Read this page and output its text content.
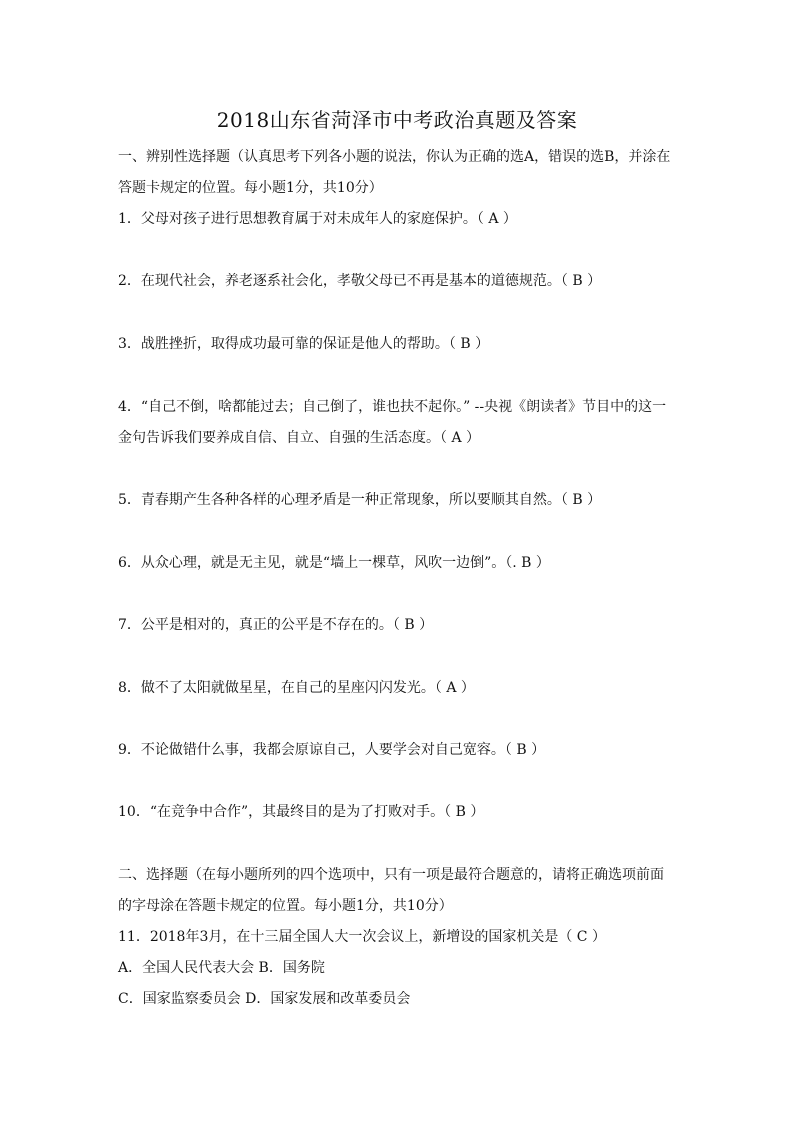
2018山东省菏泽市中考政治真题及答案
一、辨别性选择题（认真思考下列各小题的说法，你认为正确的选A，错误的选B，并涂在
答题卡规定的位置。每小题1分，共10分）
1．父母对孩子进行思想教育属于对未成年人的家庭保护。（ A ）
2．在现代社会，养老逐系社会化，孝敬父母已不再是基本的道德规范。（ B ）
3．战胜挫折，取得成功最可靠的保证是他人的帮助。（ B ）
4．“自己不倒，啥都能过去；自己倒了，谁也扶不起你。” --央视《朗读者》节目中的这一
金句告诉我们要养成自信、自立、自强的生活态度。（ A ）
5．青春期产生各种各样的心理矛盾是一种正常现象，所以要顺其自然。（ B ）
6．从众心理，就是无主见，就是“墙上一棵草，风吹一边倒”。（. B ）
7．公平是相对的，真正的公平是不存在的。（ B ）
8．做不了太阳就做星星，在自己的星座闪闪发光。（ A ）
9．不论做错什么事，我都会原谅自己，人要学会对自己宽容。（ B ）
10．“在竞争中合作”，其最终目的是为了打败对手。（ B ）
二、选择题（在每小题所列的四个选项中，只有一项是最符合题意的，请将正确选项前面
的字母涂在答题卡规定的位置。每小题1分，共10分）
11．2018年3月，在十三届全国人大一次会议上，新增设的国家机关是（ C ）
A．全国人民代表大会 B．国务院
C．国家监察委员会 D．国家发展和改革委员会
